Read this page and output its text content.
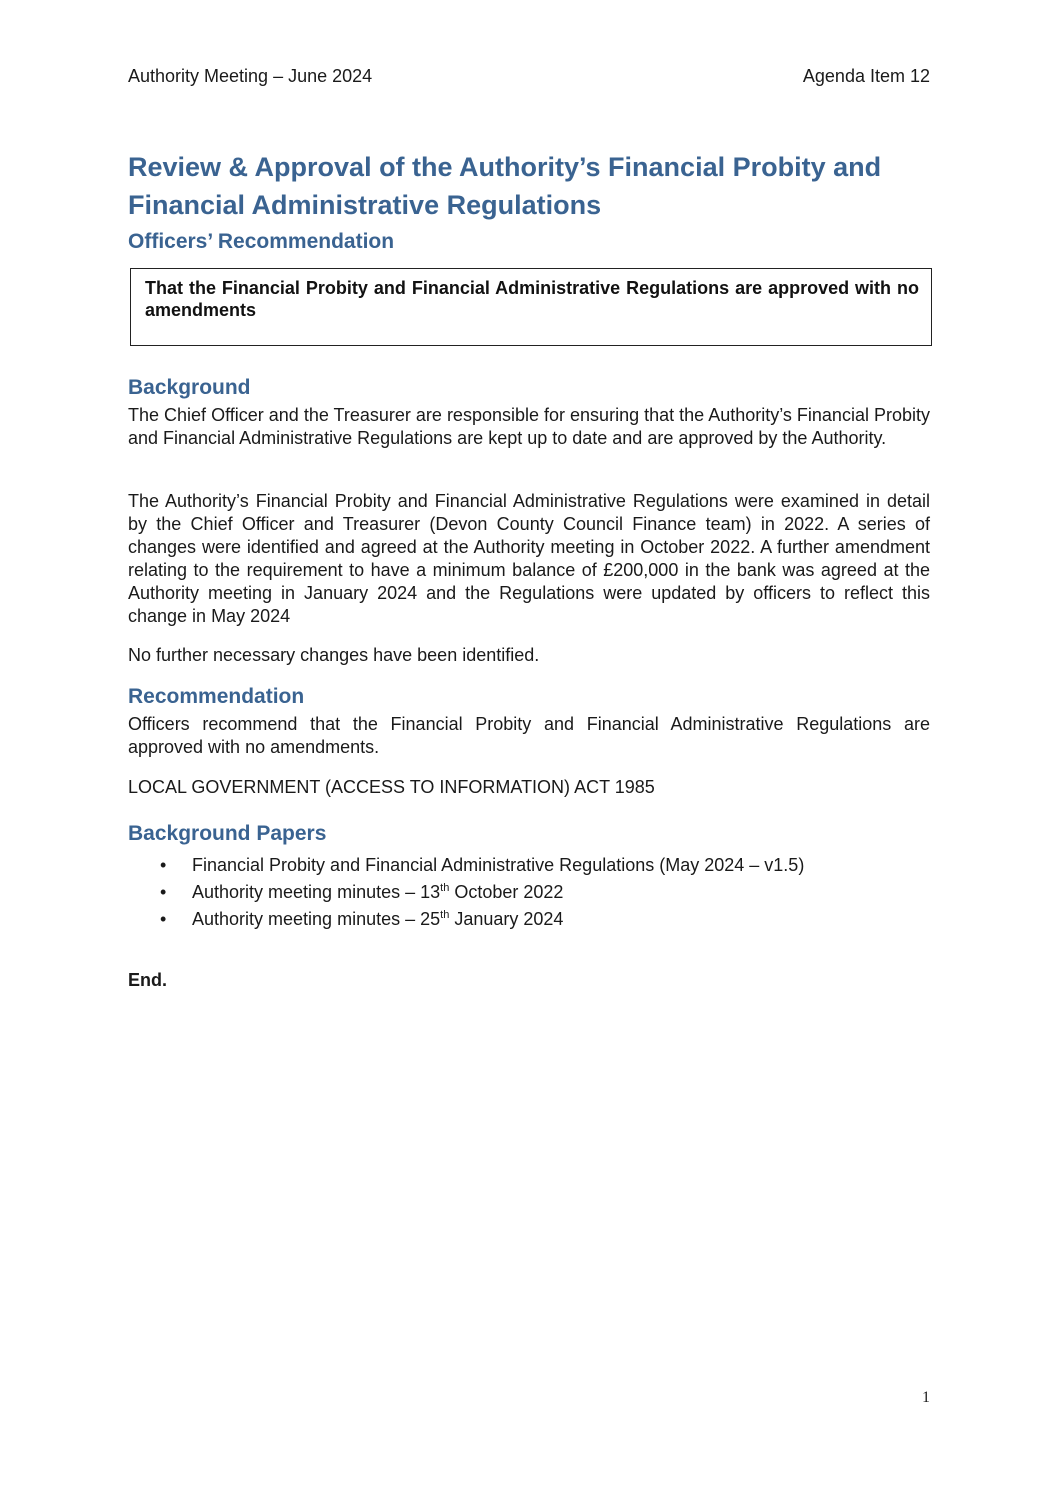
Authority Meeting – June 2024	Agenda Item 12
Review & Approval of the Authority’s Financial Probity and Financial Administrative Regulations
Officers’ Recommendation
That the Financial Probity and Financial Administrative Regulations are approved with no amendments
Background

The Chief Officer and the Treasurer are responsible for ensuring that the Authority’s Financial Probity and Financial Administrative Regulations are kept up to date and are approved by the Authority.

The Authority’s Financial Probity and Financial Administrative Regulations were examined in detail by the Chief Officer and Treasurer (Devon County Council Finance team) in 2022. A series of changes were identified and agreed at the Authority meeting in October 2022. A further amendment relating to the requirement to have a minimum balance of £200,000 in the bank was agreed at the Authority meeting in January 2024 and the Regulations were updated by officers to reflect this change in May 2024

No further necessary changes have been identified.

Recommendation

Officers recommend that the Financial Probity and Financial Administrative Regulations are approved with no amendments.

LOCAL GOVERNMENT (ACCESS TO INFORMATION) ACT 1985

Background Papers
• Financial Probity and Financial Administrative Regulations (May 2024 – v1.5)
• Authority meeting minutes – 13th October 2022
• Authority meeting minutes – 25th January 2024

End.

1
